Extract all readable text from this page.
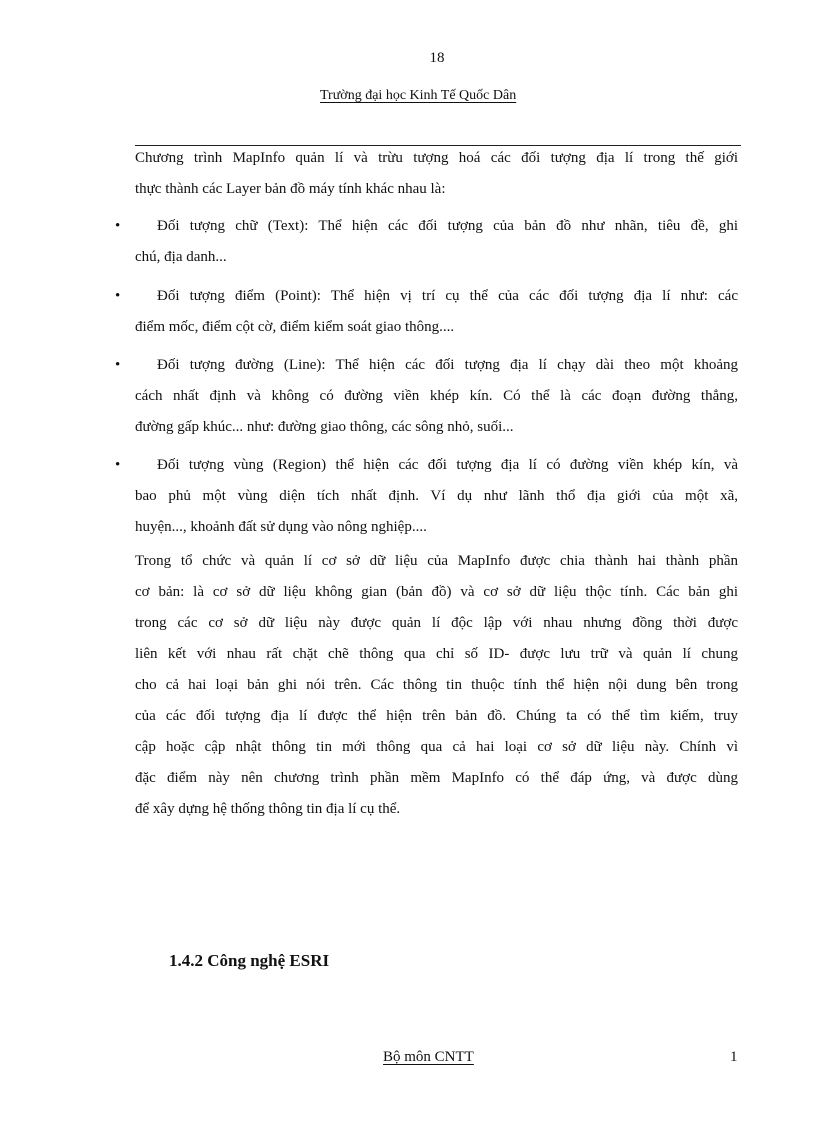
18
Trường đại học Kinh Tế Quốc Dân

Chương trình MapInfo quản lí và trừu tượng hoá các đối tượng địa lí trong thế giới
thực thành các Layer bản đồ máy tính khác nhau là:

•	Đối tượng chữ (Text): Thể hiện các đối tượng của bản đồ như nhãn, tiêu đề, ghi
chú, địa danh...

•	Đối tượng điểm (Point): Thể hiện vị trí cụ thể của các đối tượng địa lí như: các
điểm mốc, điểm cột cờ, điểm kiểm soát giao thông....

•	Đối tượng đường (Line): Thể hiện các đối tượng địa lí chạy dài theo một khoảng
cách nhất định và không có đường viền khép kín. Có thể là các đoạn đường thẳng,
đường gấp khúc... như: đường giao thông, các sông nhỏ, suối...

•	Đối tượng vùng (Region) thể hiện các đối tượng địa lí có đường viền khép kín, và
bao phủ một vùng diện tích nhất định. Ví dụ như lãnh thổ địa giới của một xã,
huyện..., khoảnh đất sử dụng vào nông nghiệp....

Trong tổ chức và quản lí cơ sở dữ liệu của MapInfo được chia thành hai thành phần
cơ bản: là cơ sở dữ liệu không gian (bản đồ) và cơ sở dữ liệu thộc tính. Các bản ghi
trong các cơ sở dữ liệu này được quản lí độc lập với nhau nhưng đồng thời được
liên kết với nhau rất chặt chẽ thông qua chỉ số ID- được lưu trữ và quản lí chung
cho cả hai loại bản ghi nói trên. Các thông tin thuộc tính thể hiện nội dung bên trong
của các đối tượng địa lí được thể hiện trên bản đồ. Chúng ta có thể tìm kiếm, truy
cập hoặc cập nhật thông tin mới thông qua cả hai loại cơ sở dữ liệu này. Chính vì
đặc điểm này nên chương trình phần mềm MapInfo có thể đáp ứng, và được dùng
để xây dựng hệ thống thông tin địa lí cụ thể.

1.4.2 Công nghệ ESRI
Bộ môn CNTT	1
